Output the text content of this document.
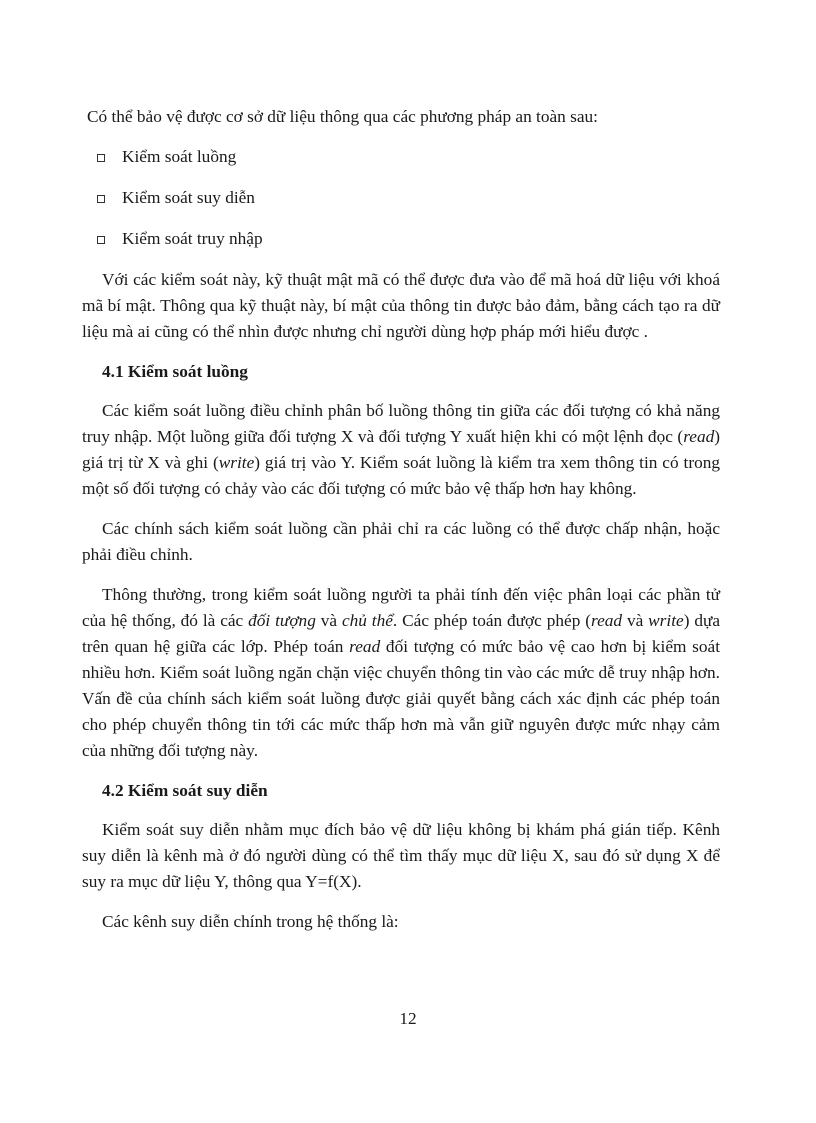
Có thể bảo vệ được cơ sở dữ liệu thông qua các phương pháp an toàn sau:

Kiểm soát luồng
Kiểm soát suy diễn
Kiểm soát truy nhập

Với các kiểm soát này, kỹ thuật mật mã có thể được đưa vào để mã hoá dữ liệu với khoá mã bí mật. Thông qua kỹ thuật này, bí mật của thông tin được bảo đảm, bằng cách tạo ra dữ liệu mà ai cũng có thể nhìn được nhưng chỉ người dùng hợp pháp mới hiểu được .

4.1 Kiểm soát luồng

Các kiểm soát luồng điều chỉnh phân bố luồng thông tin giữa các đối tượng có khả năng truy nhập. Một luồng giữa đối tượng X và đối tượng Y xuất hiện khi có một lệnh đọc (read) giá trị từ X và ghi (write) giá trị vào Y. Kiểm soát luồng là kiểm tra xem thông tin có trong một số đối tượng có chảy vào các đối tượng có mức bảo vệ thấp hơn hay không.

Các chính sách kiểm soát luồng cần phải chỉ ra các luồng có thể được chấp nhận, hoặc phải điều chỉnh.

Thông thường, trong kiểm soát luồng người ta phải tính đến việc phân loại các phần tử của hệ thống, đó là các đối tượng và chủ thể. Các phép toán được phép (read và write) dựa trên quan hệ giữa các lớp. Phép toán read đối tượng có mức bảo vệ cao hơn bị kiểm soát nhiều hơn. Kiểm soát luồng ngăn chặn việc chuyển thông tin vào các mức dễ truy nhập hơn. Vấn đề của chính sách kiểm soát luồng được giải quyết bằng cách xác định các phép toán cho phép chuyển thông tin tới các mức thấp hơn mà vẫn giữ nguyên được mức nhạy cảm của những đối tượng này.

4.2 Kiểm soát suy diễn

Kiểm soát suy diễn nhằm mục đích bảo vệ dữ liệu không bị khám phá gián tiếp. Kênh suy diễn là kênh mà ở đó người dùng có thể tìm thấy mục dữ liệu X, sau đó sử dụng X để suy ra mục dữ liệu Y, thông qua Y=f(X).

Các kênh suy diễn chính trong hệ thống là:

12
